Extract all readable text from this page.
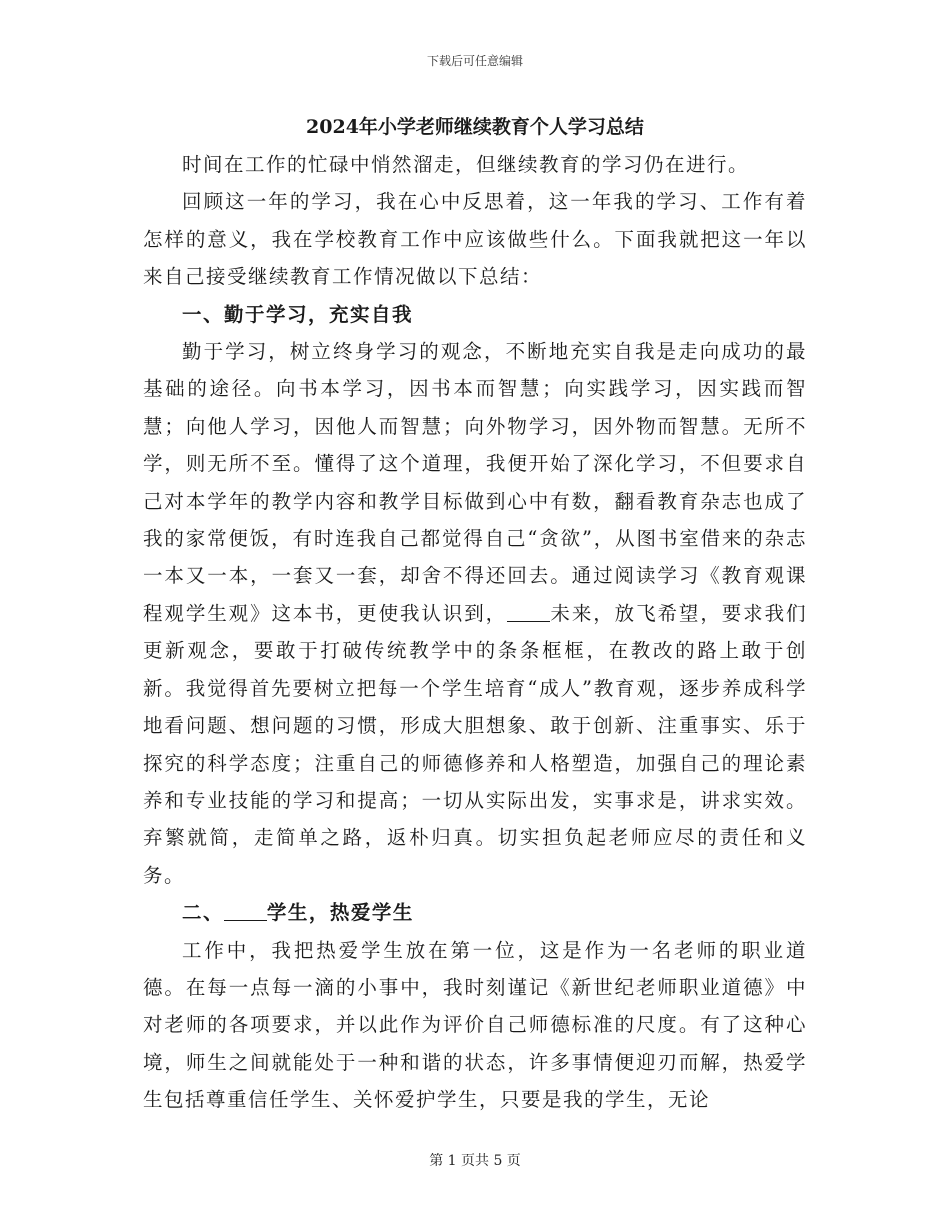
下载后可任意编辑
2024年小学老师继续教育个人学习总结

时间在工作的忙碌中悄然溜走，但继续教育的学习仍在进行。

回顾这一年的学习，我在心中反思着，这一年我的学习、工作有着怎样的意义，我在学校教育工作中应该做些什么。下面我就把这一年以来自己接受继续教育工作情况做以下总结：

一、勤于学习，充实自我

勤于学习，树立终身学习的观念，不断地充实自我是走向成功的最基础的途径。向书本学习，因书本而智慧；向实践学习，因实践而智慧；向他人学习，因他人而智慧；向外物学习，因外物而智慧。无所不学，则无所不至。懂得了这个道理，我便开始了深化学习，不但要求自己对本学年的教学内容和教学目标做到心中有数，翻看教育杂志也成了我的家常便饭，有时连我自己都觉得自己“贪欲”，从图书室借来的杂志一本又一本，一套又一套，却舍不得还回去。通过阅读学习《教育观课程观学生观》这本书，更使我认识到， 未来，放飞希望，要求我们更新观念，要敢于打破传统教学中的条条框框，在教改的路上敢于创新。我觉得首先要树立把每一个学生培育“成人”教育观，逐步养成科学地看问题、想问题的习惯，形成大胆想象、敢于创新、注重事实、乐于探究的科学态度；注重自己的师德修养和人格塑造，加强自己的理论素养和专业技能的学习和提高；一切从实际出发，实事求是，讲求实效。弃繁就简，走简单之路，返朴归真。切实担负起老师应尽的责任和义务。

二、 学生，热爱学生

工作中，我把热爱学生放在第一位，这是作为一名老师的职业道德。在每一点每一滴的小事中，我时刻谨记《新世纪老师职业道德》中对老师的各项要求，并以此作为评价自己师德标准的尺度。有了这种心境，师生之间就能处于一种和谐的状态，许多事情便迎刃而解，热爱学生包括尊重信任学生、关怀爱护学生，只要是我的学生，无论

第 1 页共 5 页
